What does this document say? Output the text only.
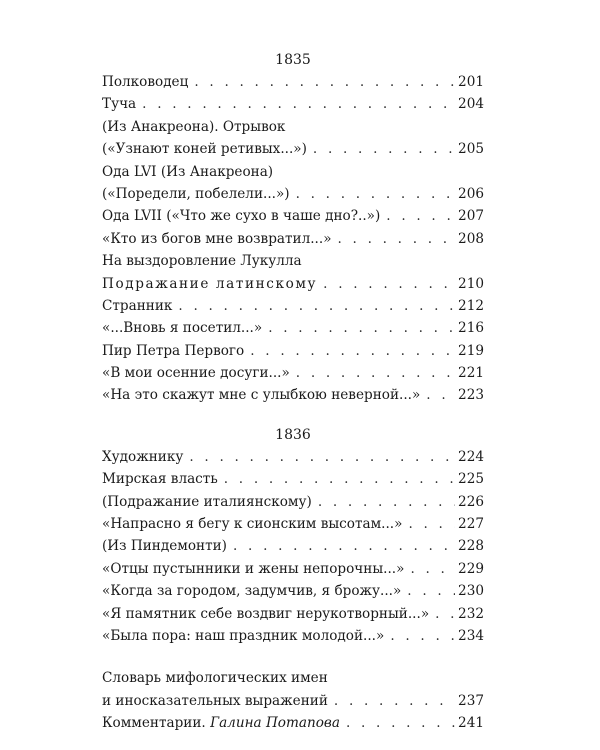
1835
Полководец . . .	201
Туча . . .	204
(Из Анакреона). Отрывок
(«Узнают коней ретивых...») . . .	205
Ода LVI (Из Анакреона)
(«Поредели, побелели...») . . .	206
Ода LVII («Что же сухо в чаше дно?..») . . .	207
«Кто из богов мне возвратил...» . . .	208
На выздоровление Лукулла
Подражание латинскому . . .	210
Странник . . .	212
«...Вновь я посетил...» . . .	216
Пир Петра Первого . . .	219
«В мои осенние досуги...» . . .	221
«На это скажут мне с улыбкою неверной...» . . .	223
1836
Художнику . . .	224
Мирская власть . . .	225
(Подражание италиянскому) . . .	226
«Напрасно я бегу к сионским высотам...» . . .	227
(Из Пиндемонти) . . .	228
«Отцы пустынники и жены непорочны...» . . .	229
«Когда за городом, задумчив, я брожу...» . . .	230
«Я памятник себе воздвиг нерукотворный...» . . . 232
«Была пора: наш праздник молодой...» . . .	234
Словарь мифологических имен
и иносказательных выражений . . .	237
Комментарии. Галина Потапова . . .	241
